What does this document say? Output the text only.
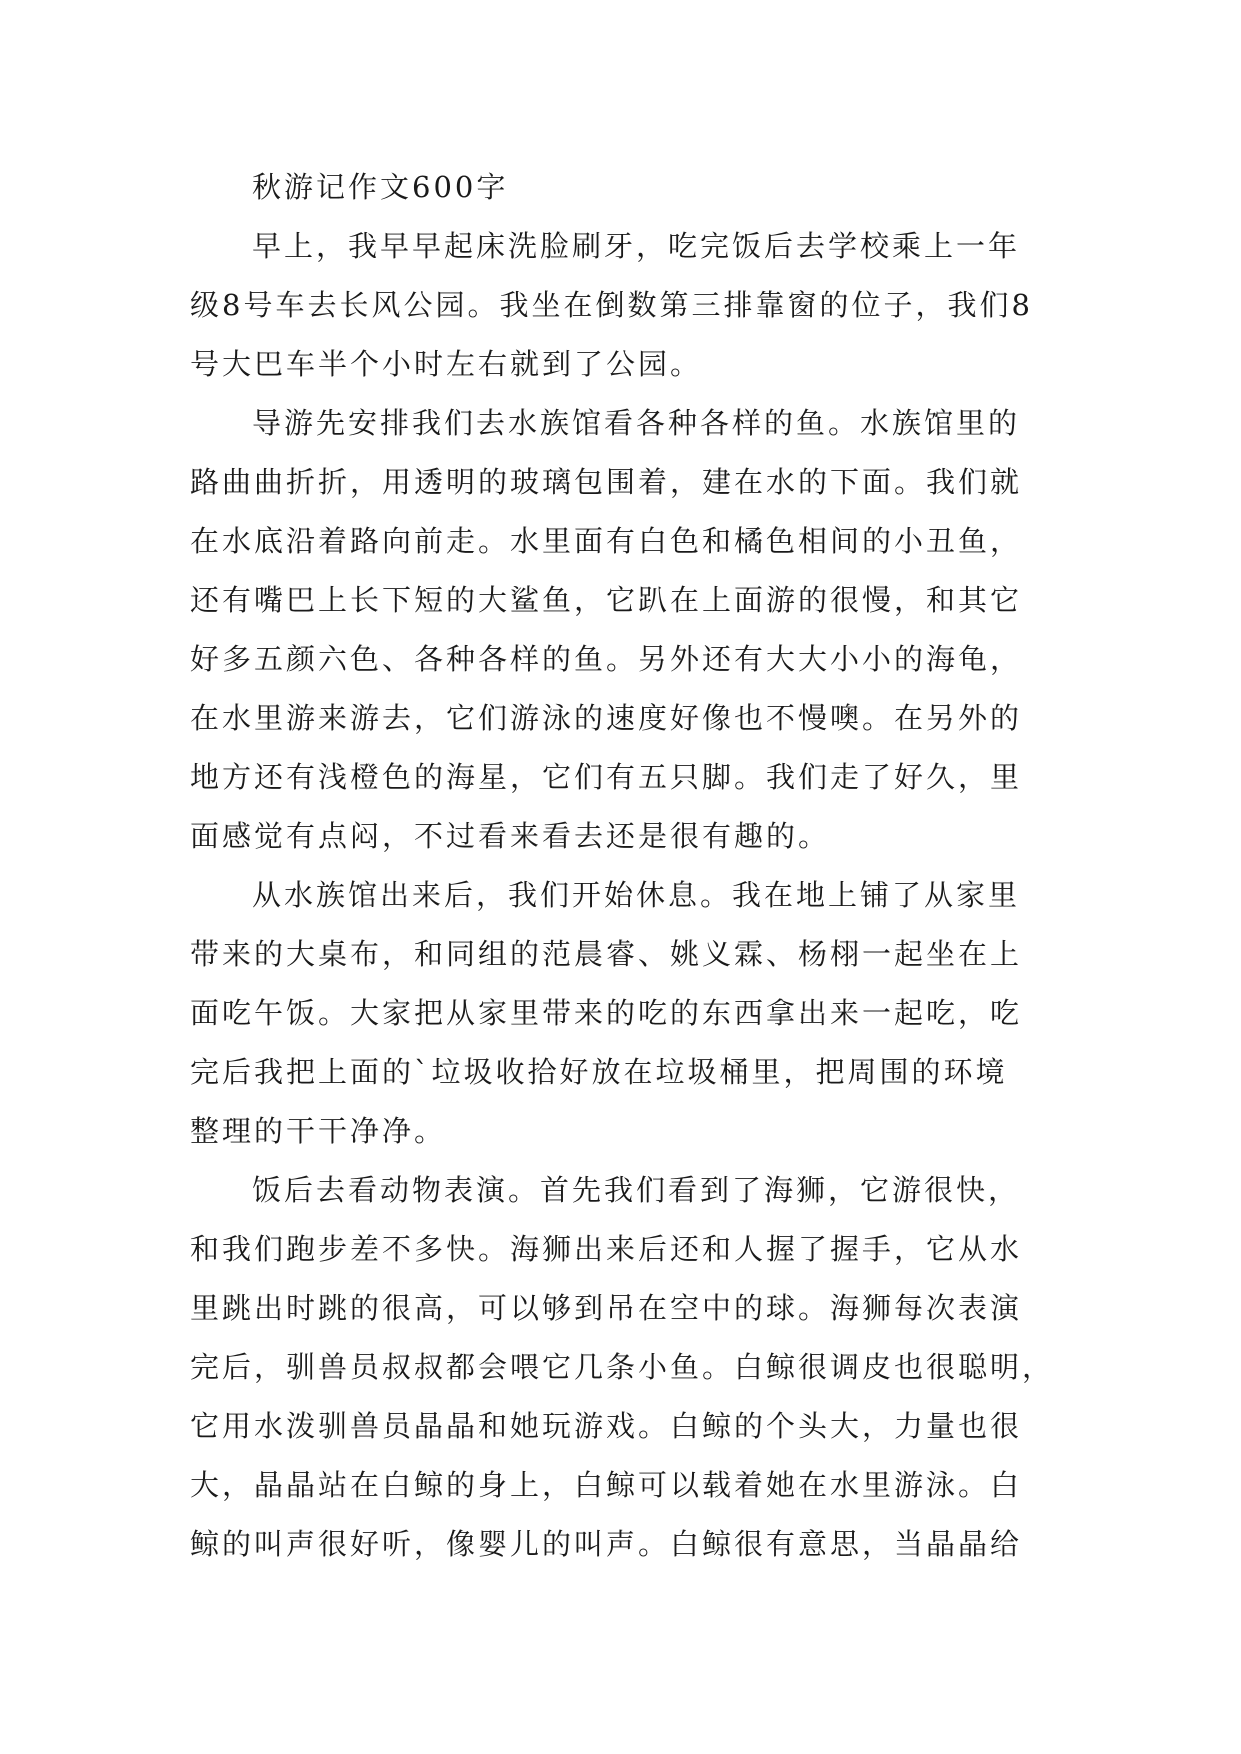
秋游记作文600字
早上，我早早起床洗脸刷牙，吃完饭后去学校乘上一年
级8号车去长风公园。我坐在倒数第三排靠窗的位子，我们8
号大巴车半个小时左右就到了公园。
导游先安排我们去水族馆看各种各样的鱼。水族馆里的
路曲曲折折，用透明的玻璃包围着，建在水的下面。我们就
在水底沿着路向前走。水里面有白色和橘色相间的小丑鱼，
还有嘴巴上长下短的大鲨鱼，它趴在上面游的很慢，和其它
好多五颜六色、各种各样的鱼。另外还有大大小小的海龟，
在水里游来游去，它们游泳的速度好像也不慢噢。在另外的
地方还有浅橙色的海星，它们有五只脚。我们走了好久，里
面感觉有点闷，不过看来看去还是很有趣的。
从水族馆出来后，我们开始休息。我在地上铺了从家里
带来的大桌布，和同组的范晨睿、姚义霖、杨栩一起坐在上
面吃午饭。大家把从家里带来的吃的东西拿出来一起吃，吃
完后我把上面的`垃圾收拾好放在垃圾桶里，把周围的环境
整理的干干净净。
饭后去看动物表演。首先我们看到了海狮，它游很快，
和我们跑步差不多快。海狮出来后还和人握了握手，它从水
里跳出时跳的很高，可以够到吊在空中的球。海狮每次表演
完后，驯兽员叔叔都会喂它几条小鱼。白鲸很调皮也很聪明，
它用水泼驯兽员晶晶和她玩游戏。白鲸的个头大，力量也很
大，晶晶站在白鲸的身上，白鲸可以载着她在水里游泳。白
鲸的叫声很好听，像婴儿的叫声。白鲸很有意思，当晶晶给
